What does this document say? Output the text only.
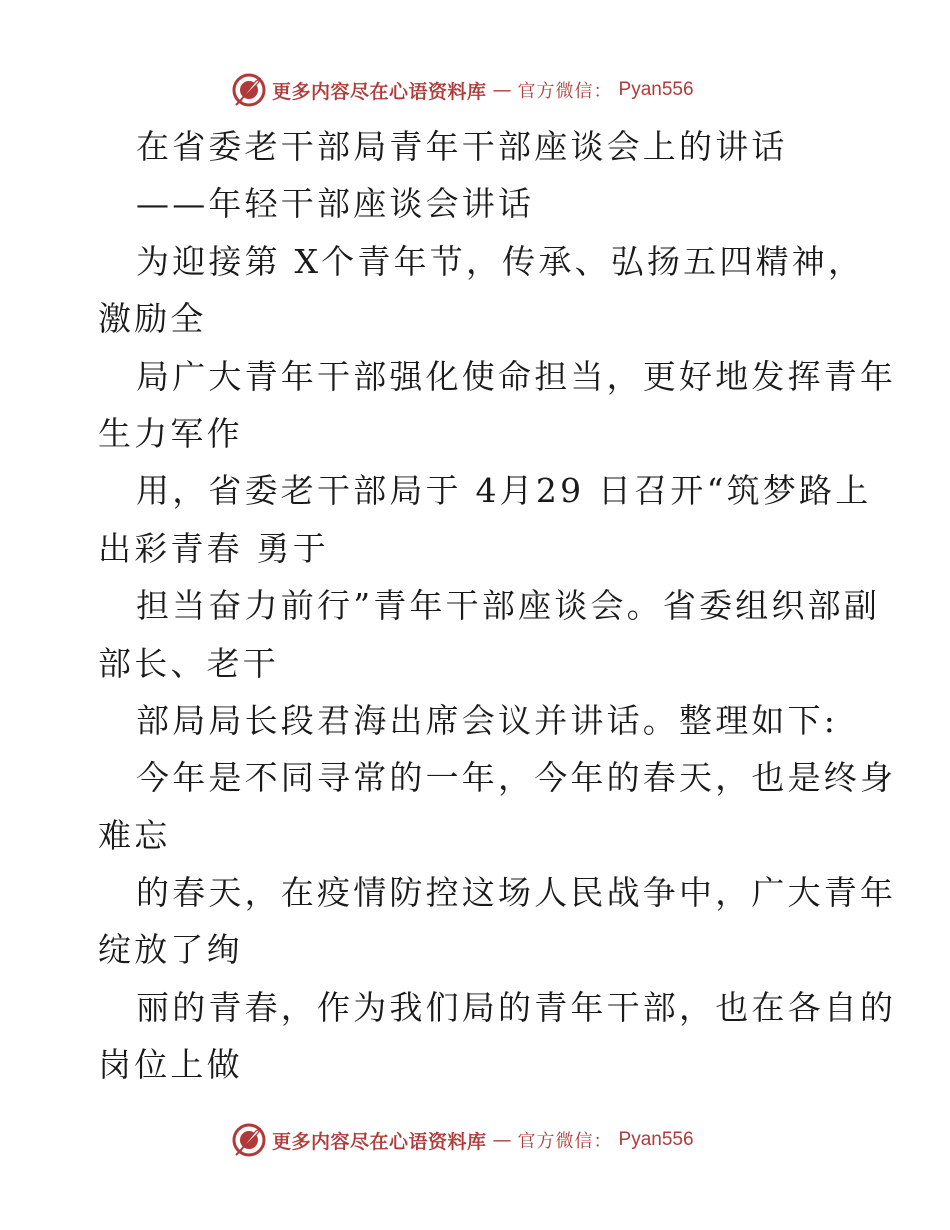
更多内容尽在心语资料库 — 官方微信： Pyan556
在省委老干部局青年干部座谈会上的讲话
——年轻干部座谈会讲话
为迎接第 X个青年节，传承、弘扬五四精神，
激励全
局广大青年干部强化使命担当，更好地发挥青年
生力军作
用，省委老干部局于 4月29 日召开“筑梦路上
出彩青春 勇于
担当奋力前行”青年干部座谈会。省委组织部副
部长、老干
部局局长段君海出席会议并讲话。整理如下:
今年是不同寻常的一年，今年的春天，也是终身
难忘
的春天，在疫情防控这场人民战争中，广大青年
绽放了绚
丽的青春，作为我们局的青年干部，也在各自的
岗位上做
更多内容尽在心语资料库 — 官方微信： Pyan556
